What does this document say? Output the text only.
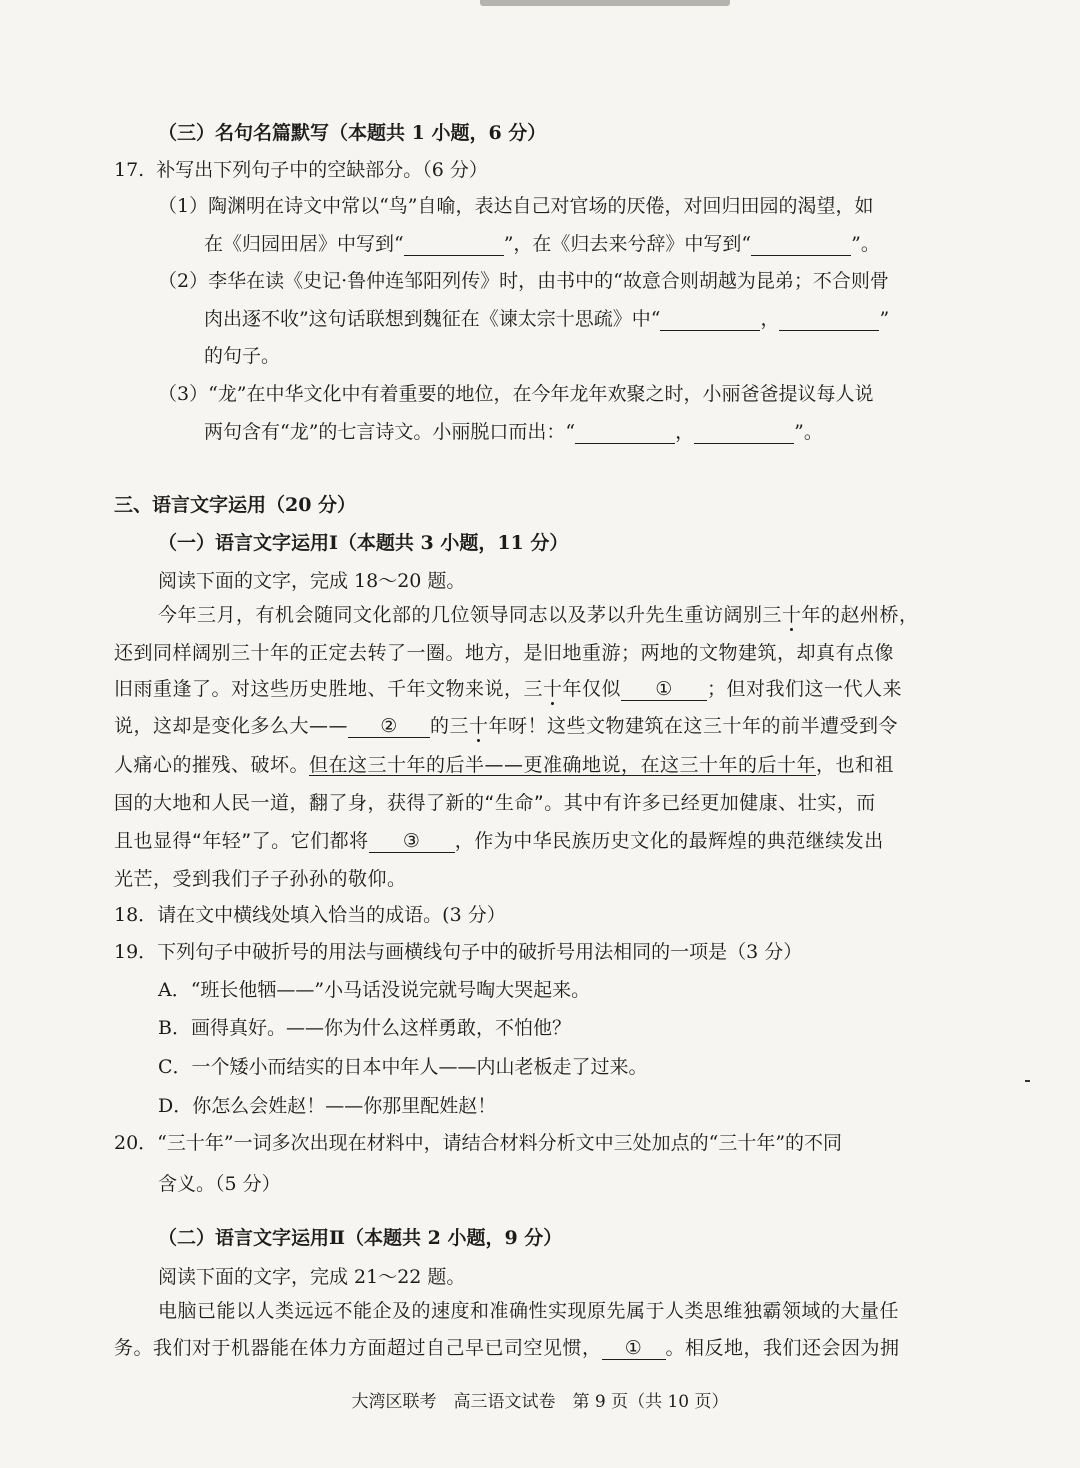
（三）名句名篇默写（本题共 1 小题，6 分）
17. 补写出下列句子中的空缺部分。（6 分）
（1）陶渊明在诗文中常以“鸟”自喻，表达自己对官场的厌倦，对回归田园的渴望，如
在《归园田居》中写到“	”，在《归去来兮辞》中写到“	”。
（2）李华在读《史记·鲁仲连邹阳列传》时，由书中的“故意合则胡越为昆弟；不合则骨
肉出逐不收”这句话联想到魏征在《谏太宗十思疏》中“	，	”
的句子。
（3）“龙”在中华文化中有着重要的地位，在今年龙年欢聚之时，小丽爸爸提议每人说
两句含有“龙”的七言诗文。小丽脱口而出：“	，	”。
三、语言文字运用（20 分）
（一）语言文字运用Ⅰ（本题共 3 小题，11 分）
阅读下面的文字，完成 18～20 题。
今年三月，有机会随同文化部的几位领导同志以及茅以升先生重访阔别三十年的赵州桥，
还到同样阔别三十年的正定去转了一圈。地方，是旧地重游；两地的文物建筑，却真有点像
旧雨重逢了。对这些历史胜地、千年文物来说，三十年仅似 ① ；但对我们这一代人来
说，这却是变化多么大—— ② 的三十年呀！这些文物建筑在这三十年的前半遭受到令
人痛心的摧残、破坏。但在这三十年的后半——更准确地说，在这三十年的后十年，也和祖
国的大地和人民一道，翻了身，获得了新的“生命”。其中有许多已经更加健康、壮实，而
且也显得“年轻”了。它们都将 ③ ，作为中华民族历史文化的最辉煌的典范继续发出
光芒，受到我们子子孙孙的敬仰。
18．请在文中横线处填入恰当的成语。(3 分）
19．下列句子中破折号的用法与画横线句子中的破折号用法相同的一项是（3 分）
A．“班长他牺——”小马话没说完就号啕大哭起来。
B．画得真好。——你为什么这样勇敢，不怕他？
C．一个矮小而结实的日本中年人——内山老板走了过来。
D．你怎么会姓赵！——你那里配姓赵！
20．“三十年”一词多次出现在材料中，请结合材料分析文中三处加点的“三十年”的不同
含义。（5 分）
（二）语言文字运用Ⅱ（本题共 2 小题，9 分）
阅读下面的文字，完成 21～22 题。
电脑已能以人类远远不能企及的速度和准确性实现原先属于人类思维独霸领域的大量任
务。我们对于机器能在体力方面超过自己早已司空见惯， ① 。相反地，我们还会因为拥
大湾区联考　高三语文试卷　第 9 页（共 10 页）
